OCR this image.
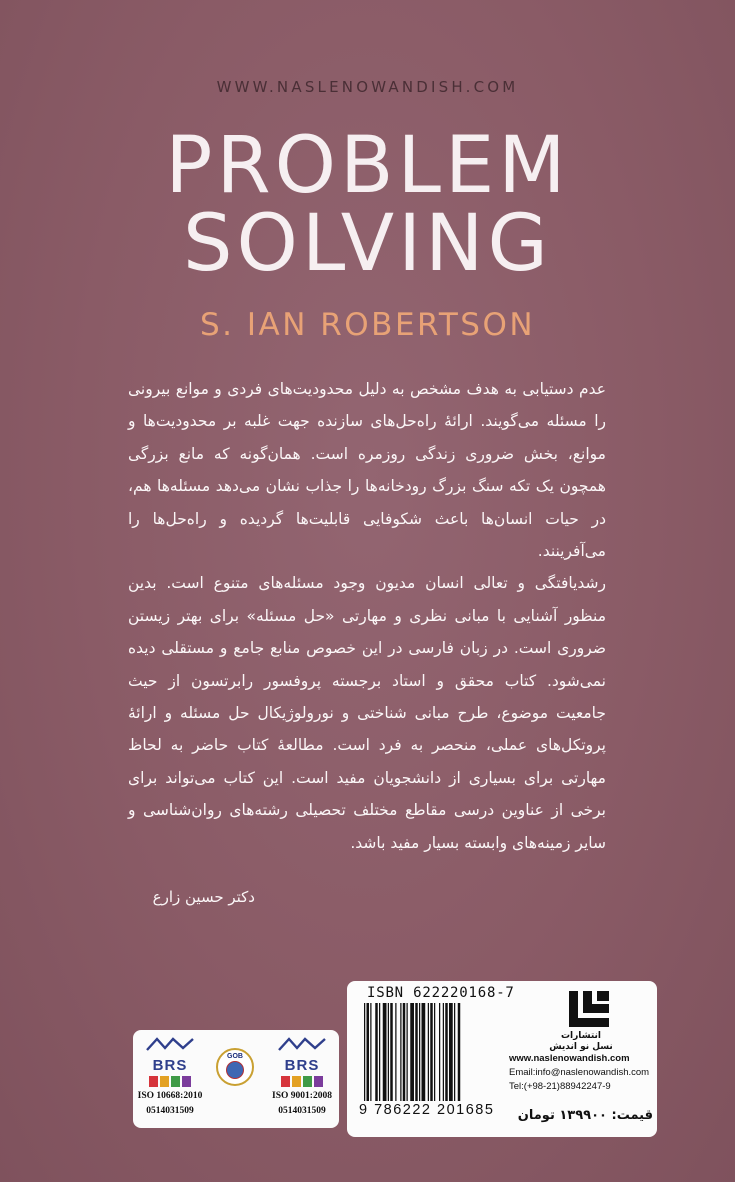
WWW.NASLENOWANDISH.COM
PROBLEM
SOLVING
S. IAN ROBERTSON

عدم دستیابی به هدف مشخص به دلیل محدودیت‌های فردی و موانع بیرونی را مسئله می‌گویند. ارائهٔ راه‌حل‌های سازنده جهت غلبه بر محدودیت‌ها و موانع، بخش ضروری زندگی روزمره است. همان‌گونه که مانع بزرگی همچون یک تکه سنگ بزرگ رودخانه‌ها را جذاب نشان می‌دهد مسئله‌ها هم، در حیات انسان‌ها باعث شکوفایی قابلیت‌ها گردیده و راه‌حل‌ها را می‌آفرینند.

رشدیافتگی و تعالی انسان مدیون وجود مسئله‌های متنوع است. بدین منظور آشنایی با مبانی نظری و مهارتی «حل مسئله» برای بهتر زیستن ضروری است. در زبان فارسی در این خصوص منابع جامع و مستقلی دیده نمی‌شود. کتاب محقق و استاد برجسته پروفسور رابرتسون از حیث جامعیت موضوع، طرح مبانی شناختی و نورولوژیکال حل مسئله و ارائهٔ پروتکل‌های عملی، منحصر به فرد است. مطالعهٔ کتاب حاضر به لحاظ مهارتی برای بسیاری از دانشجویان مفید است. این کتاب می‌تواند برای برخی از عناوین درسی مقاطع مختلف تحصیلی رشته‌های روان‌شناسی و سایر زمینه‌های وابسته بسیار مفید باشد.

دکتر حسین زارع
BRS
ISO 10668:2010
0514031509
GOB
BRS
ISO 9001:2008
0514031509
ISBN 622220168-7
9 786222 201685
انتشارات
نسل نو اندیش
www.naslenowandish.com
Email:info@naslenowandish.com
Tel:(+98-21)88942247-9
قیمت: ۱۳۹۹۰۰ تومان
